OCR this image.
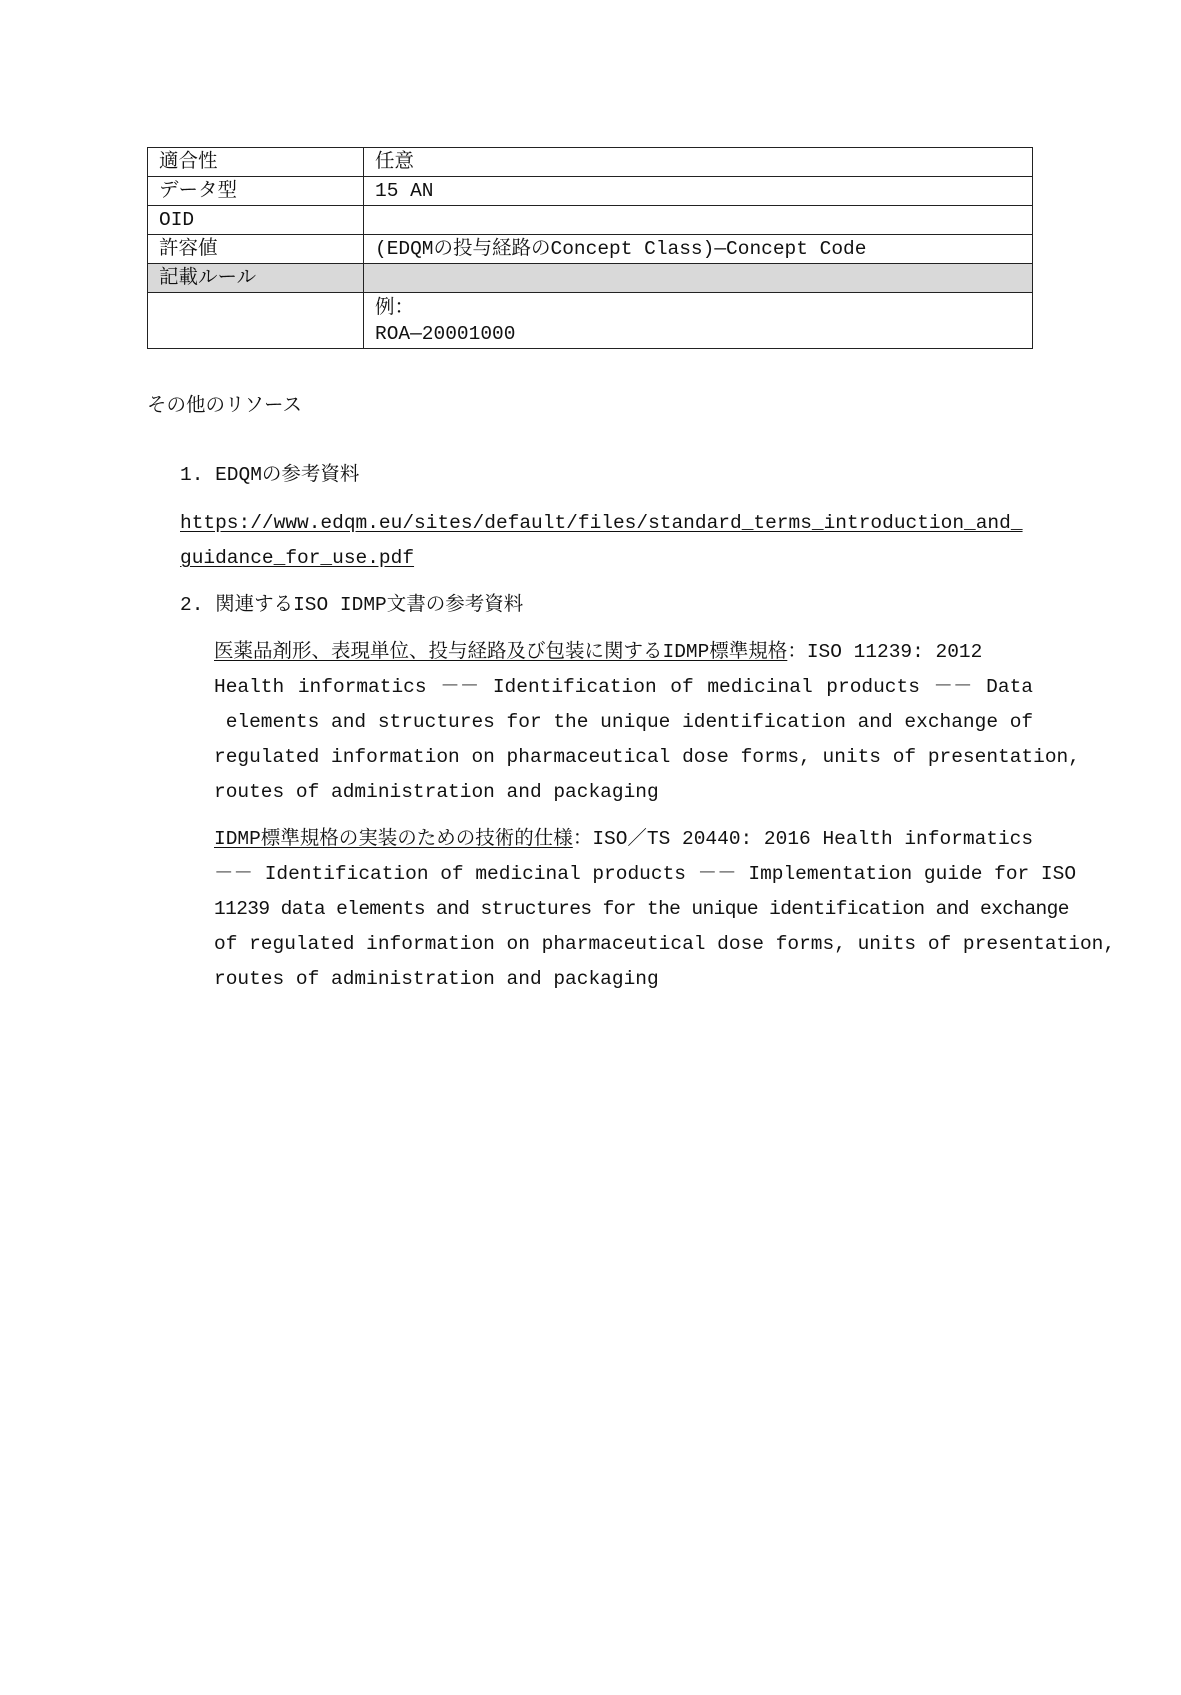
適合性	任意
データ型	15 AN
OID	
許容値	(EDQMの投与経路のConcept Class)—Concept Code
記載ルール	

	例：
ROA—20001000
その他のリソース
1. EDQMの参考資料
https://www.edqm.eu/sites/default/files/standard_terms_introduction_and_
guidance_for_use.pdf
2. 関連するISO IDMP文書の参考資料
医薬品剤形、表現単位、投与経路及び包装に関するIDMP標準規格：ISO 11239: 2012
Health informatics －－ Identification of medicinal products －－ Data
elements and structures for the unique identification and exchange of
regulated information on pharmaceutical dose forms, units of presentation,
routes of administration and packaging
IDMP標準規格の実装のための技術的仕様：ISO／TS 20440: 2016 Health informatics
－－ Identification of medicinal products －－ Implementation guide for ISO
11239 data elements and structures for the unique identification and exchange
of regulated information on pharmaceutical dose forms, units of presentation,
routes of administration and packaging
